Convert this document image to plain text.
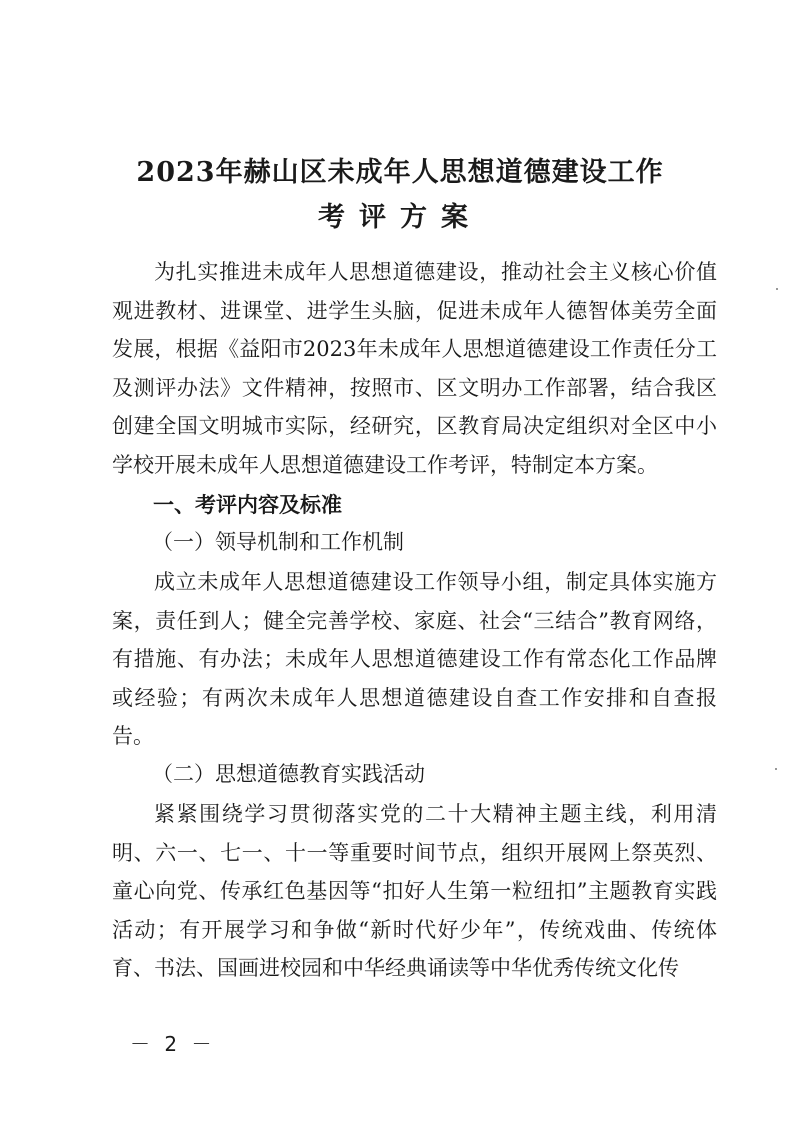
2023年赫山区未成年人思想道德建设工作
考评方案

为扎实推进未成年人思想道德建设，推动社会主义核心价值观进教材、进课堂、进学生头脑，促进未成年人德智体美劳全面发展，根据《益阳市2023年未成年人思想道德建设工作责任分工及测评办法》文件精神，按照市、区文明办工作部署，结合我区创建全国文明城市实际，经研究，区教育局决定组织对全区中小学校开展未成年人思想道德建设工作考评，特制定本方案。

一、考评内容及标准
（一）领导机制和工作机制

成立未成年人思想道德建设工作领导小组，制定具体实施方案，责任到人；健全完善学校、家庭、社会“三结合”教育网络，有措施、有办法；未成年人思想道德建设工作有常态化工作品牌或经验；有两次未成年人思想道德建设自查工作安排和自查报告。

（二）思想道德教育实践活动

紧紧围绕学习贯彻落实党的二十大精神主题主线，利用清明、六一、七一、十一等重要时间节点，组织开展网上祭英烈、童心向党、传承红色基因等“扣好人生第一粒纽扣”主题教育实践活动；有开展学习和争做“新时代好少年”，传统戏曲、传统体育、书法、国画进校园和中华经典诵读等中华优秀传统文化传

－ 2 －
